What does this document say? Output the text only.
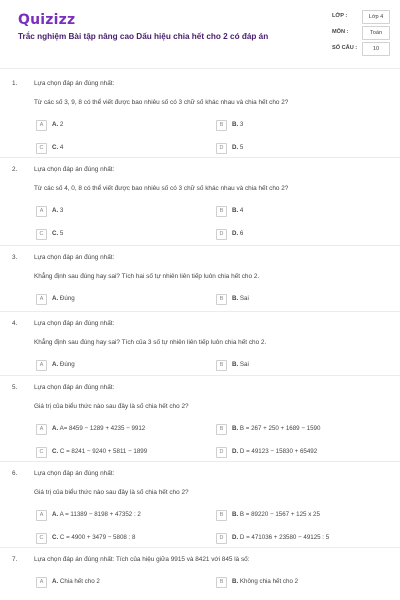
Quizizz
Trắc nghiệm Bài tập nâng cao Dấu hiệu chia hết cho 2 có đáp án
LỚP :	Lớp 4
MÔN :	Toán
SỐ CÂU :	10
1.	Lựa chọn đáp án đúng nhất:
Từ các số 3, 9, 8 có thể viết được bao nhiêu số có 3 chữ số khác nhau và chia hết cho 2?
A	A. 2	B	B. 3
C	C. 4	D	D. 5
2.	Lựa chọn đáp án đúng nhất:
Từ các số 4, 0, 8 có thể viết được bao nhiêu số có 3 chữ số khác nhau và chia hết cho 2?
A	A. 3	B	B. 4
C	C. 5	D	D. 6
3.	Lựa chọn đáp án đúng nhất:
Khẳng định sau đúng hay sai? Tích hai số tự nhiên liên tiếp luôn chia hết cho 2.
A	A. Đúng	B	B. Sai
4.	Lựa chọn đáp án đúng nhất:
Khẳng định sau đúng hay sai? Tích của 3 số tự nhiên liên tiếp luôn chia hết cho 2.
A	A. Đúng	B	B. Sai
5.	Lựa chọn đáp án đúng nhất:
Giá trị của biểu thức nào sau đây là số chia hết cho 2?
A	A. A= 8459 − 1289 + 4235 − 9912	B	B. B = 267 + 250 + 1689 − 1590
C	C. C = 8241 − 9240 + 5811 − 1899	D	D. D = 49123 − 15830 + 65492
6.	Lựa chọn đáp án đúng nhất:
Giá trị của biểu thức nào sau đây là số chia hết cho 2?
A	A. A = 11389 − 8198 + 47352 : 2	B	B. B = 89220 − 1567 + 125 x 25
C	C. C = 4900 + 3479 − 5808 : 8	D	D. D = 471036 + 23580 − 49125 : 5
7.	Lựa chọn đáp án đúng nhất: Tích của hiệu giữa 9915 và 8421 với 845 là số:
A	A. Chia hết cho 2	B	B. Không chia hết cho 2
